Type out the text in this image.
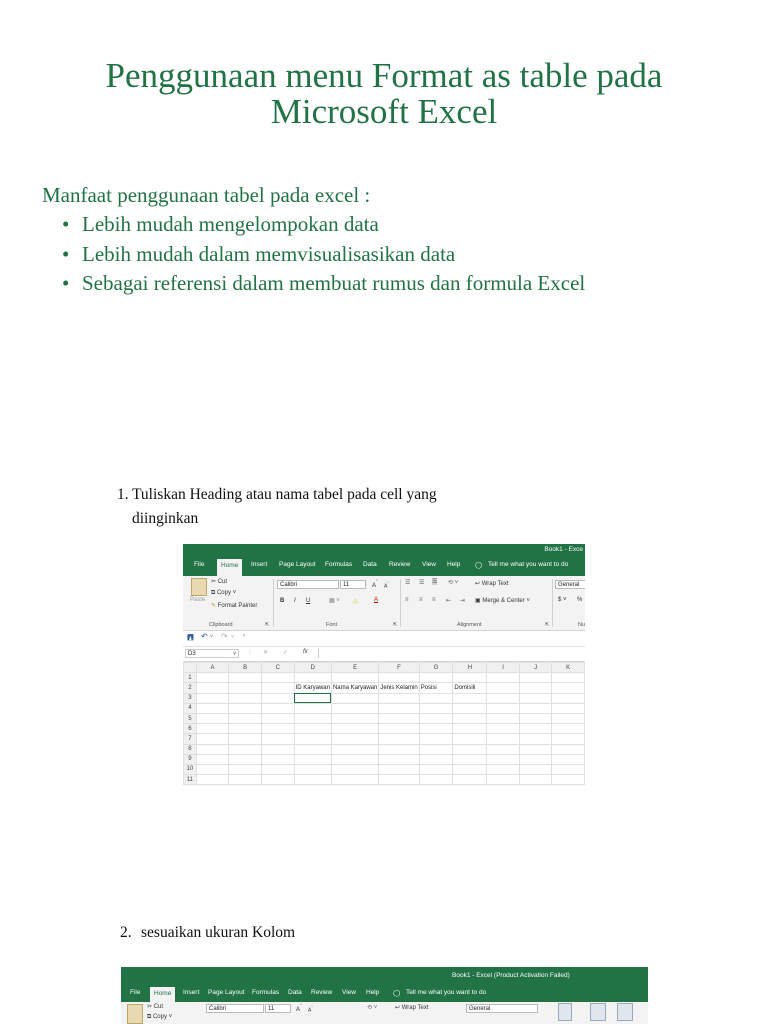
Penggunaan menu Format as table pada
Microsoft Excel
Manfaat penggunaan tabel pada excel :
• Lebih mudah mengelompokan data
• Lebih mudah dalam memvisualisasikan data
• Sebagai referensi dalam membuat rumus dan formula Excel
1. Tuliskan Heading atau nama tabel pada cell yang
diinginkan
Book1 - Exce
File	Home	Insert Page Layout Formulas Data Review View Help ◯ Tell me what you want to do
Paste
✂ Cut
⧉ Copy ˅
✎ Format Painter
Clipboard	⇱
Calibri	11	$A^ˆ$
$A^ˇ$
B I U	▦ ˅ △	A
Font	⇱
☰ ☰ ☰ ⟲ ˅
≡ ≡ ≡ ⇤ ⇥
↩ Wrap Text
▣ Merge & Center ˅
Alignment	⇱
General
$ ˅ %
Nu
🖪 ↶ ˅ ↷ ˅ ›
D3	˅ ⋮ ✕ ✓ fx
	A	B	C	D	E	F	G	H	I	J	K
1											
2				ID Karyawan	Nama Karyawan	Jenis Kelamin	Posisi	Domisili			
3											
4											
5											
6											
7											
8											
9											
10											
11											
2. sesuaikan ukuran Kolom
Book1 - Excel (Product Activation Failed)
File	Home	Insert Page Layout Formulas Data Review View Help ◯ Tell me what you want to do
✂ Cut
⧉ Copy ˅
Calibri	11	$A^ˆ$
$A^ˇ$	⟲ ˅	↩ Wrap Text	General
